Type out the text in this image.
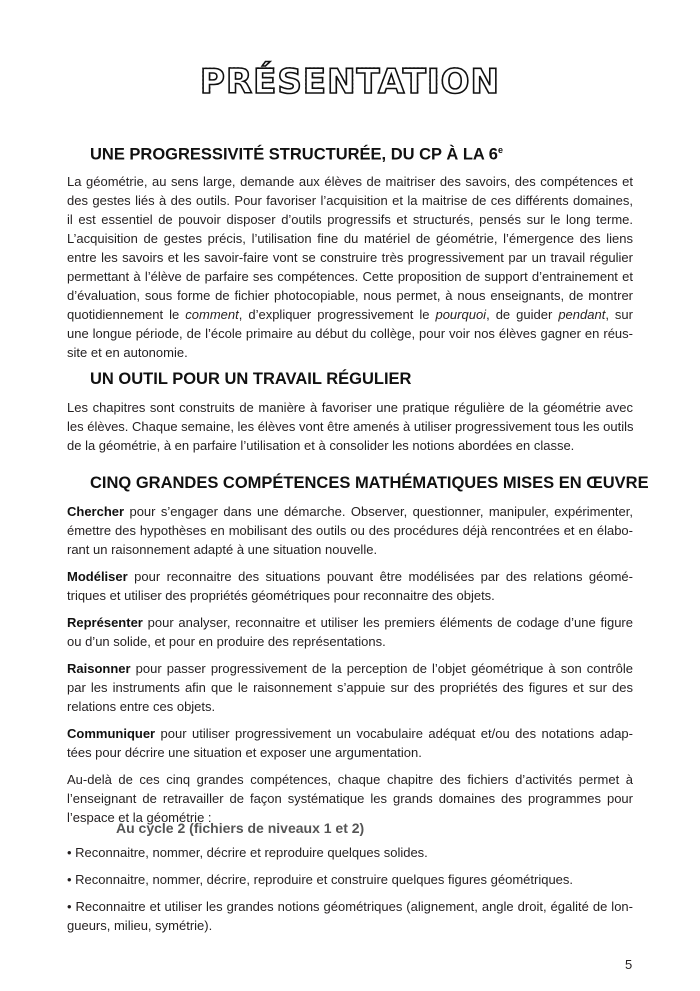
PRÉSENTATION
UNE PROGRESSIVITÉ STRUCTURÉE, DU CP À LA 6e
La géométrie, au sens large, demande aux élèves de maitriser des savoirs, des compétences et
des gestes liés à des outils. Pour favoriser l’acquisition et la maitrise de ces différents domaines,
il est essentiel de pouvoir disposer d’outils progressifs et structurés, pensés sur le long terme.
L’acquisition de gestes précis, l’utilisation fine du matériel de géométrie, l’émergence des liens
entre les savoirs et les savoir-faire vont se construire très progressivement par un travail régulier
permettant à l’élève de parfaire ses compétences. Cette proposition de support d’entrainement et
d’évaluation, sous forme de fichier photocopiable, nous permet, à nous enseignants, de montrer
quotidiennement le comment, d’expliquer progressivement le pourquoi, de guider pendant, sur
une longue période, de l’école primaire au début du collège, pour voir nos élèves gagner en réus-
site et en autonomie.
UN OUTIL POUR UN TRAVAIL RÉGULIER
Les chapitres sont construits de manière à favoriser une pratique régulière de la géométrie avec
les élèves. Chaque semaine, les élèves vont être amenés à utiliser progressivement tous les outils
de la géométrie, à en parfaire l’utilisation et à consolider les notions abordées en classe.
CINQ GRANDES COMPÉTENCES MATHÉMATIQUES MISES EN ŒUVRE
Chercher pour s’engager dans une démarche. Observer, questionner, manipuler, expérimenter,
émettre des hypothèses en mobilisant des outils ou des procédures déjà rencontrées et en élabo-
rant un raisonnement adapté à une situation nouvelle.
Modéliser pour reconnaitre des situations pouvant être modélisées par des relations géomé-
triques et utiliser des propriétés géométriques pour reconnaitre des objets.
Représenter pour analyser, reconnaitre et utiliser les premiers éléments de codage d’une figure
ou d’un solide, et pour en produire des représentations.
Raisonner pour passer progressivement de la perception de l’objet géométrique à son contrôle
par les instruments afin que le raisonnement s’appuie sur des propriétés des figures et sur des
relations entre ces objets.
Communiquer pour utiliser progressivement un vocabulaire adéquat et/ou des notations adap-
tées pour décrire une situation et exposer une argumentation.
Au-delà de ces cinq grandes compétences, chaque chapitre des fichiers d’activités permet à
l’enseignant de retravailler de façon systématique les grands domaines des programmes pour
l’espace et la géométrie :
Au cycle 2 (fichiers de niveaux 1 et 2)
• Reconnaitre, nommer, décrire et reproduire quelques solides.
• Reconnaitre, nommer, décrire, reproduire et construire quelques figures géométriques.
• Reconnaitre et utiliser les grandes notions géométriques (alignement, angle droit, égalité de lon-
gueurs, milieu, symétrie).
5
